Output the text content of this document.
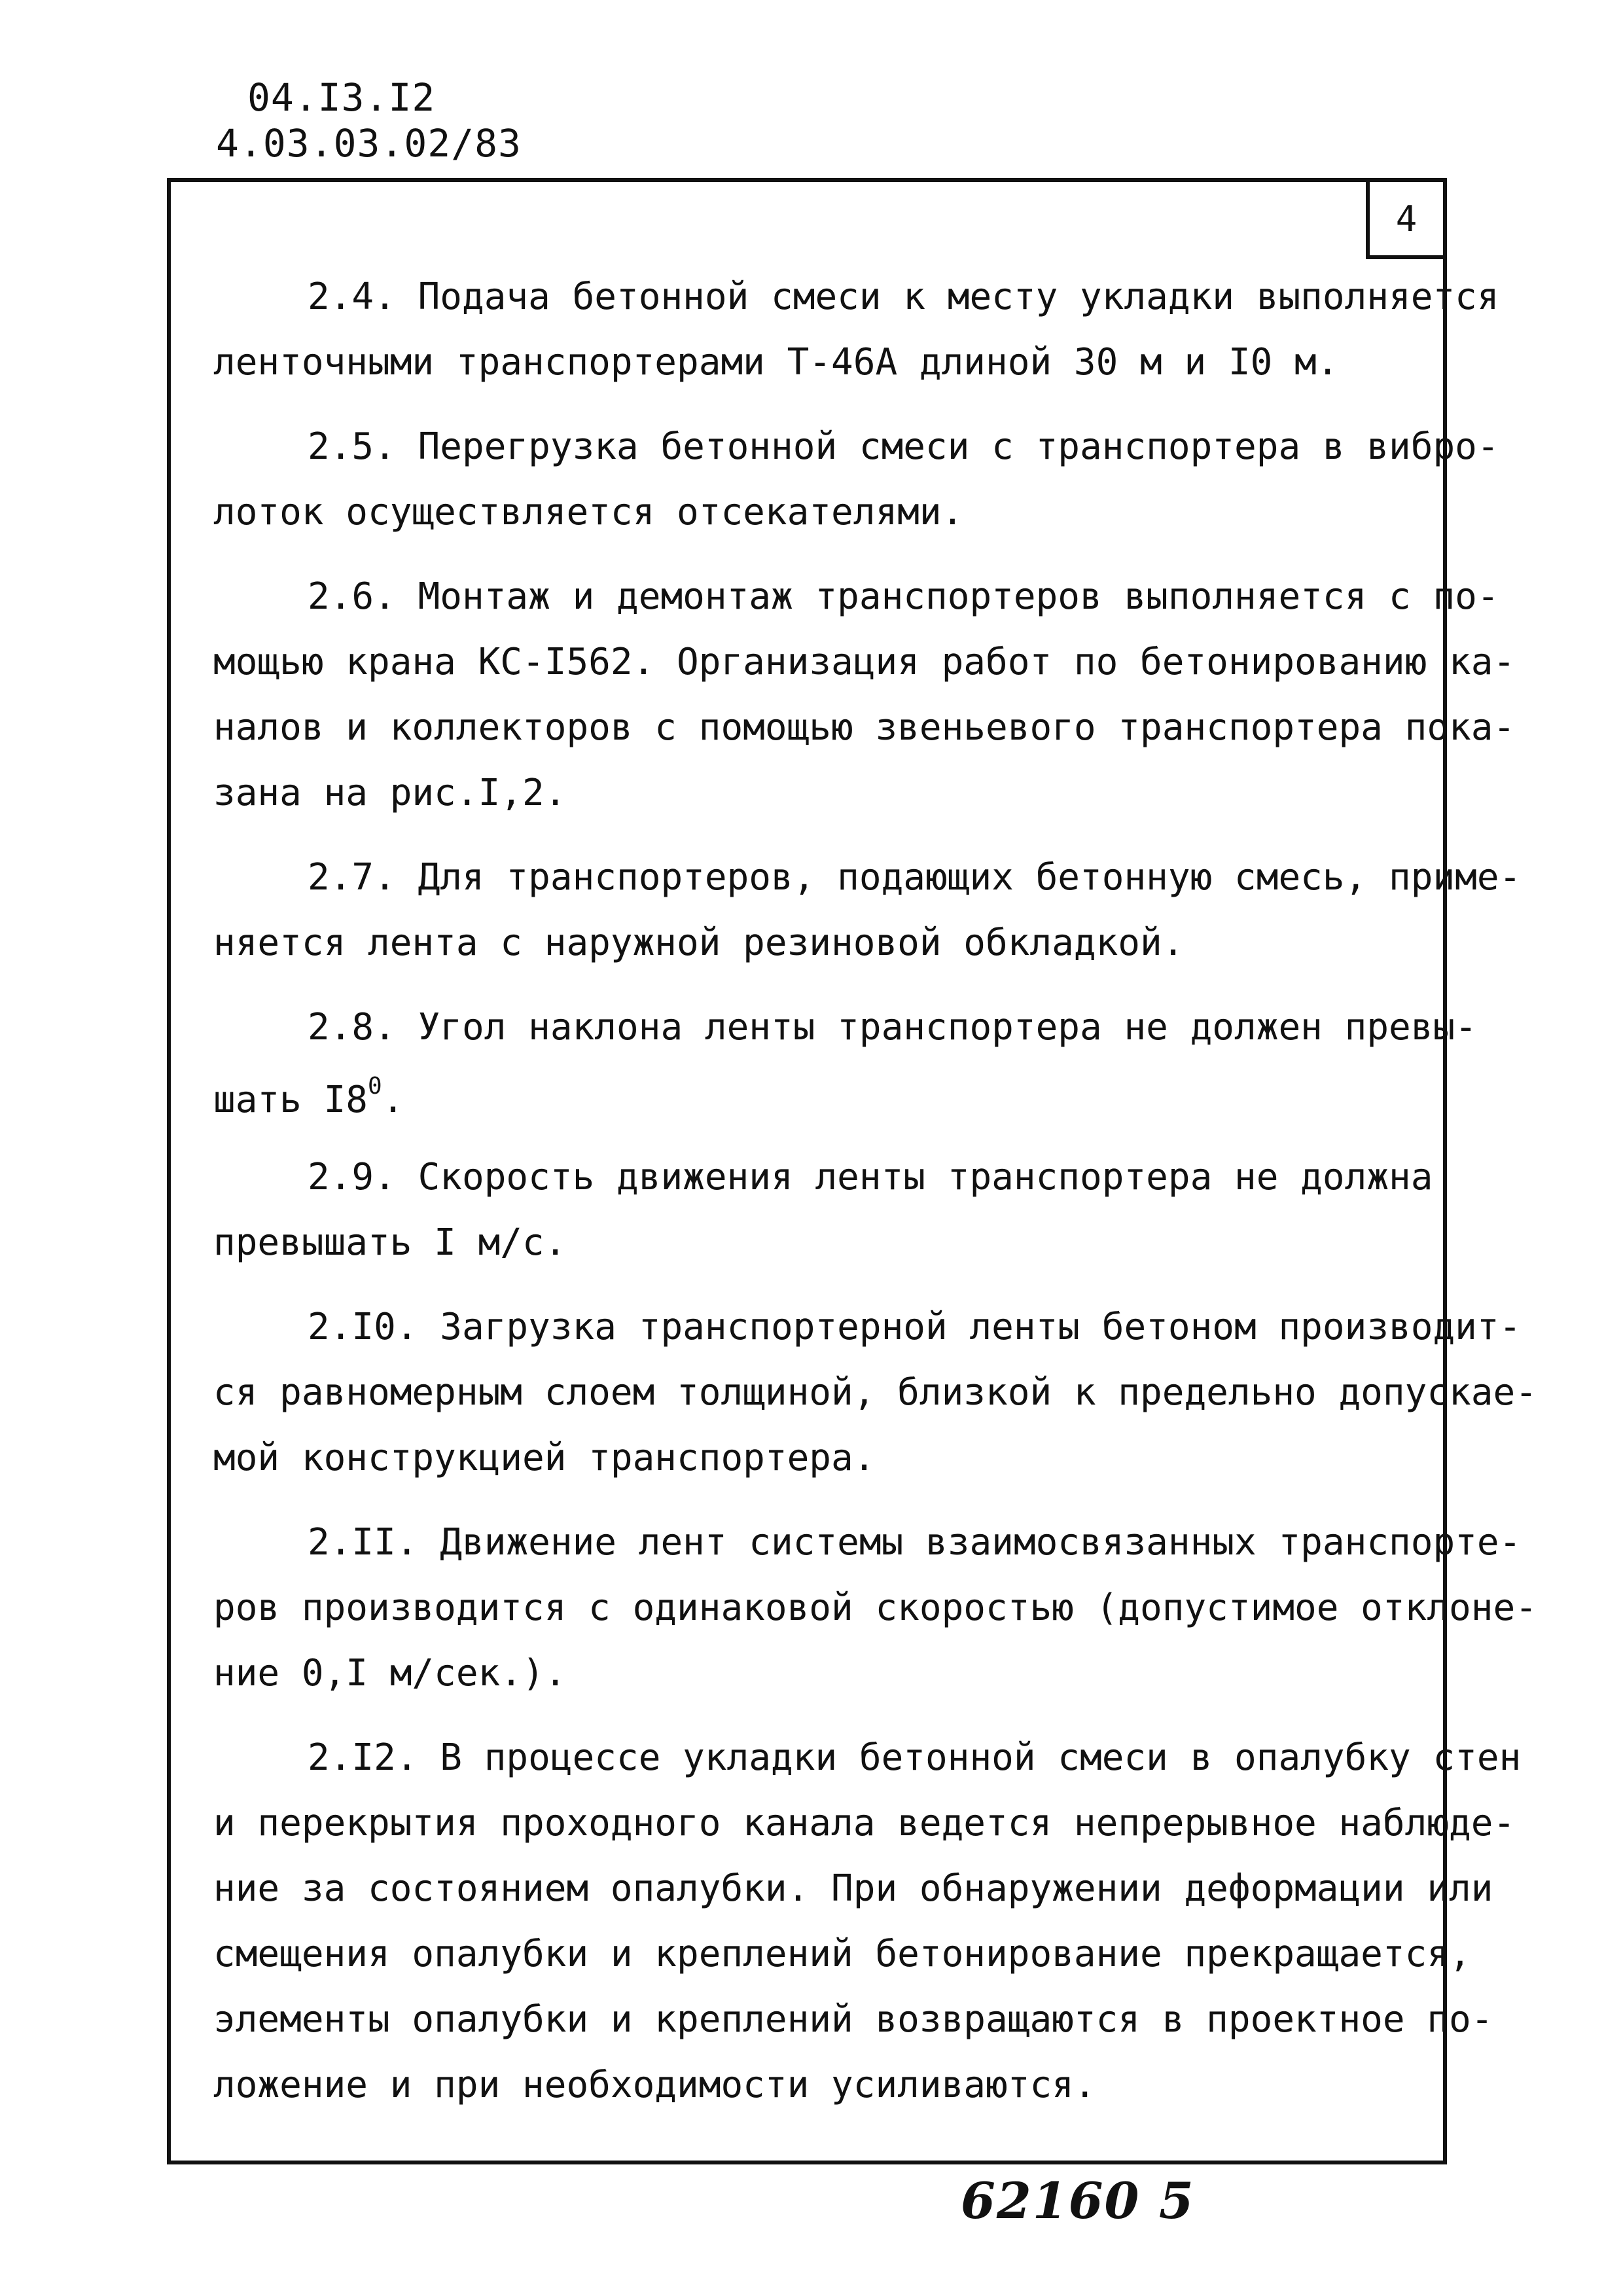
04.I3.I2
4.03.03.02/83
4
2.4. Подача бетонной смеси к месту укладки выполняется
ленточными транспортерами Т-46А длиной 30 м и I0 м.
2.5. Перегрузка бетонной смеси с транспортера в вибро-
лоток осуществляется отсекателями.
2.6. Монтаж и демонтаж транспортеров выполняется с по-
мощью крана КС-I562. Организация работ по бетонированию ка-
налов и коллекторов с помощью звеньевого транспортера пока-
зана на рис.I,2.
2.7. Для транспортеров, подающих бетонную смесь, приме-
няется лента с наружной резиновой обкладкой.
2.8. Угол наклона ленты транспортера не должен превы-
шать $I8^0$.
2.9. Скорость движения ленты транспортера не должна
превышать I м/с.
2.I0. Загрузка транспортерной ленты бетоном производит-
ся равномерным слоем толщиной, близкой к предельно допускае-
мой конструкцией транспортера.
2.II. Движение лент системы взаимосвязанных транспорте-
ров производится с одинаковой скоростью (допустимое отклоне-
ние 0,I м/сек.).
2.I2. В процессе укладки бетонной смеси в опалубку стен
и перекрытия проходного канала ведется непрерывное наблюде-
ние за состоянием опалубки. При обнаружении деформации или
смещения опалубки и креплений бетонирование прекращается,
элементы опалубки и креплений возвращаются в проектное по-
ложение и при необходимости усиливаются.
62160 5
